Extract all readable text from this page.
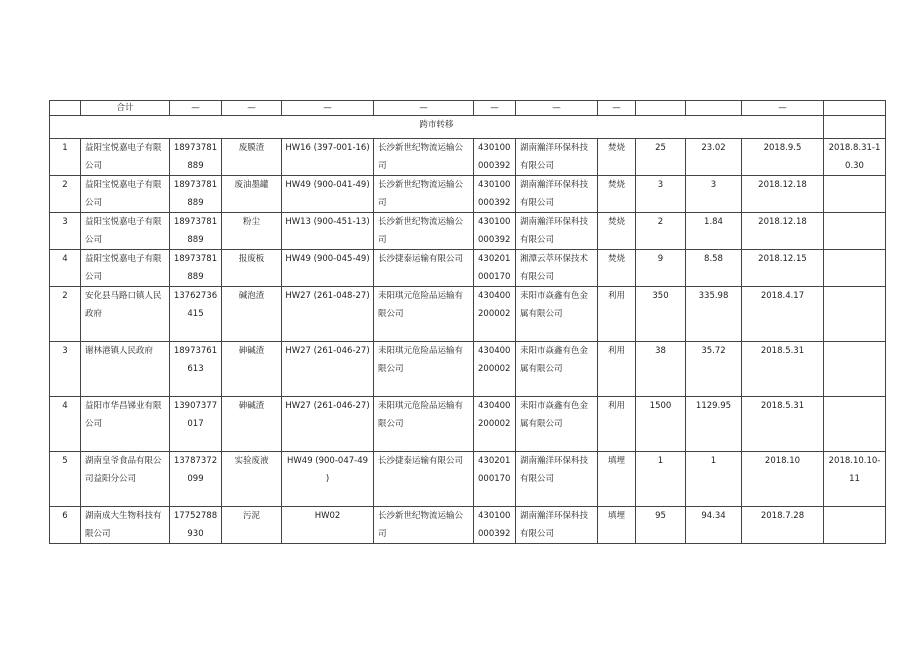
	合计	—	—	—	—	—	—	—			—	
跨市转移												
1	益阳宝悦嘉电子有限公司	18973781889	废膜渣	HW16 (397-001-16)	长沙新世纪物流运输公司	430100000392	湖南瀚洋环保科技有限公司	焚烧	25	23.02	2018.9.5	2018.8.31-10.30
2	益阳宝悦嘉电子有限公司	18973781889	废油墨罐	HW49 (900-041-49)	长沙新世纪物流运输公司	430100000392	湖南瀚洋环保科技有限公司	焚烧	3	3	2018.12.18	
3	益阳宝悦嘉电子有限公司	18973781889	粉尘	HW13 (900-451-13)	长沙新世纪物流运输公司	430100000392	湖南瀚洋环保科技有限公司	焚烧	2	1.84	2018.12.18	
4	益阳宝悦嘉电子有限公司	18973781889	报废板	HW49 (900-045-49)	长沙捷泰运输有限公司	430201000170	湘潭云萃环保技术有限公司	焚烧	9	8.58	2018.12.15	
2	安化县马路口镇人民政府	13762736415	碱泡渣	HW27 (261-048-27)	耒阳琪元危险品运输有限公司	430400 200002	耒阳市焱鑫有色金属有限公司	利用	350	335.98	2018.4.17	
3	谢林港镇人民政府	18973761613	砷碱渣	HW27 (261-046-27)	耒阳琪元危险品运输有限公司	430400 200002	耒阳市焱鑫有色金属有限公司	利用	38	35.72	2018.5.31	
4	益阳市华昌锑业有限公司	13907377017	砷碱渣	HW27 (261-046-27)	耒阳琪元危险品运输有限公司	430400 200002	耒阳市焱鑫有色金属有限公司	利用	1500	1129.95	2018.5.31	
5	湖南皇爷食品有限公司益阳分公司	13787372099	实验废液	HW49 (900-047-49 )	长沙捷泰运输有限公司	430201000170	湖南瀚洋环保科技有限公司	填埋	1	1	2018.10	2018.10.10-11
6	湖南成大生物科技有限公司	17752788930	污泥	HW02	长沙新世纪物流运输公司	430100000392	湖南瀚洋环保科技有限公司	填埋	95	94.34	2018.7.28	
